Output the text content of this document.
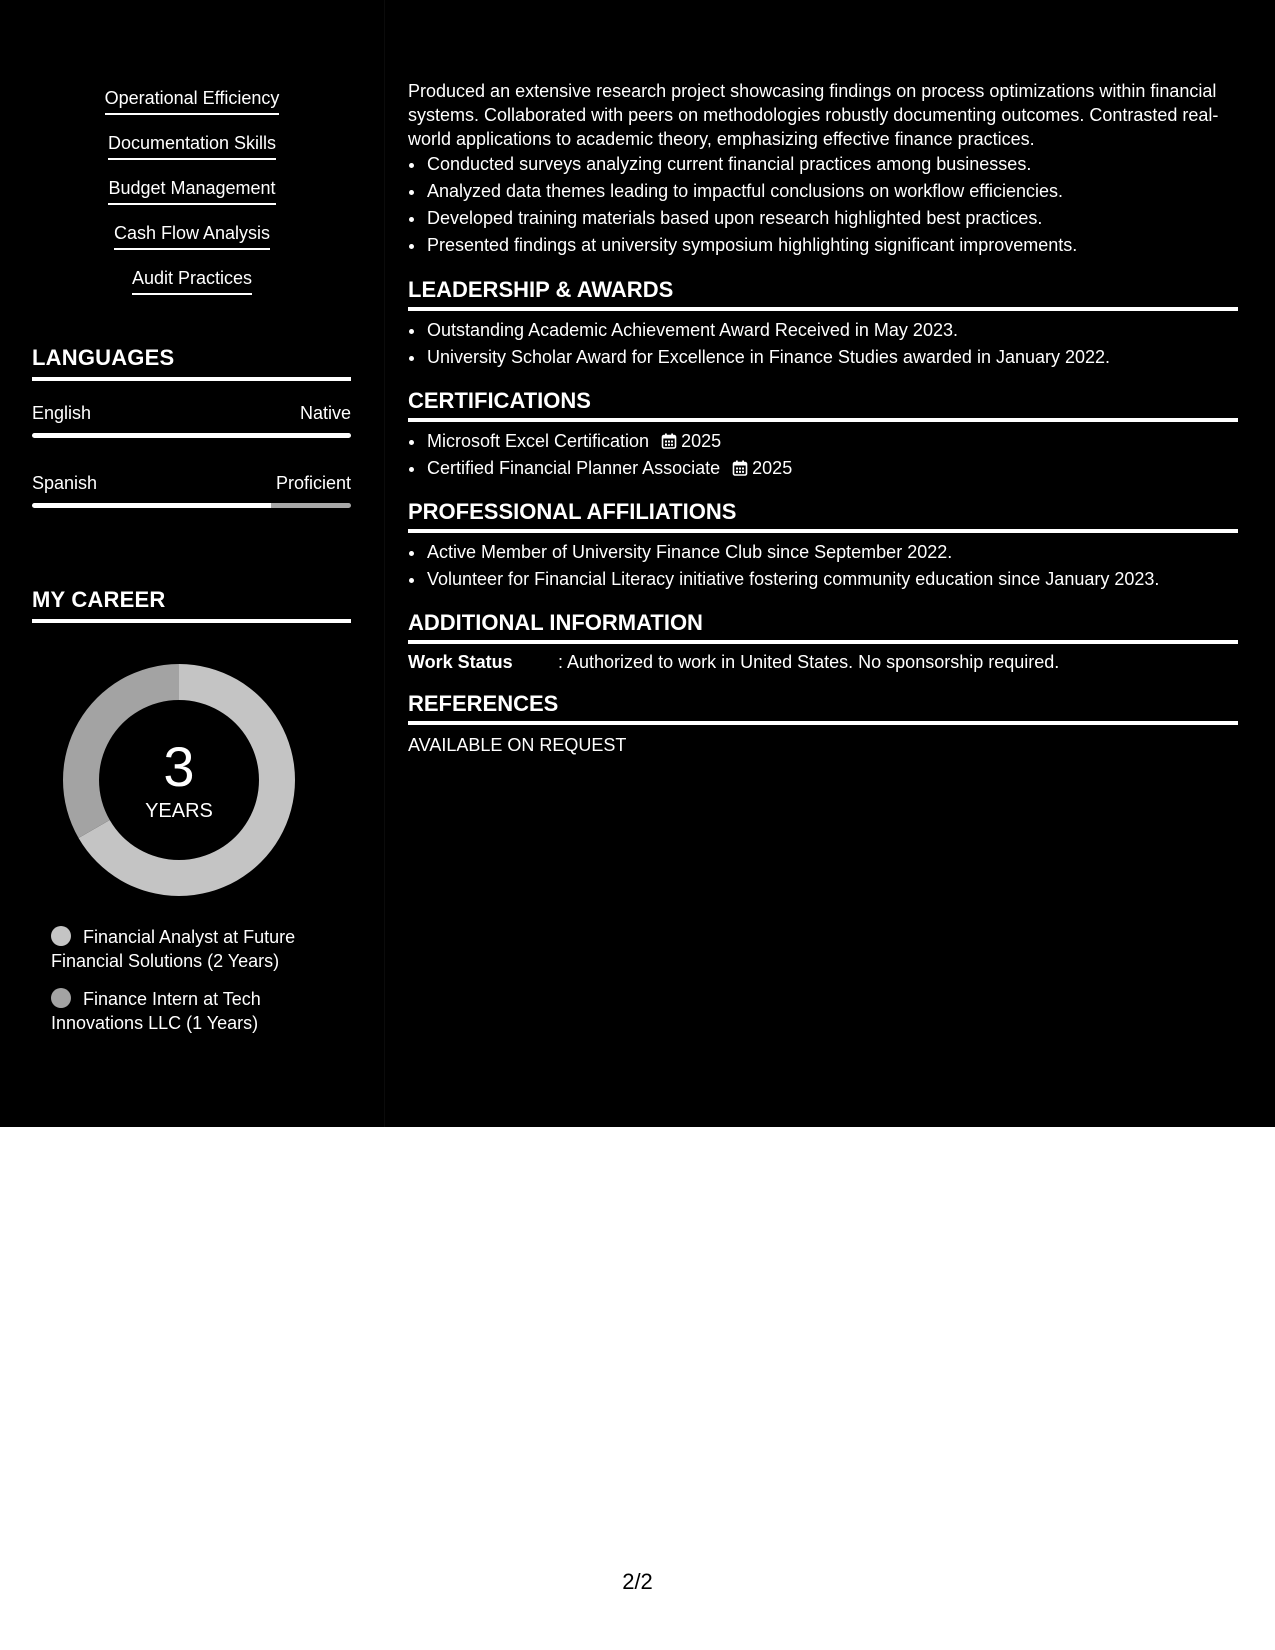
Operational Efficiency
Documentation Skills
Budget Management
Cash Flow Analysis
Audit Practices
LANGUAGES
English	Native
Spanish	Proficient
MY CAREER
3
YEARS
Financial Analyst at Future Financial Solutions (2 Years)
Finance Intern at Tech Innovations LLC (1 Years)
Produced an extensive research project showcasing findings on process optimizations within financial systems. Collaborated with peers on methodologies robustly documenting outcomes. Contrasted real-world applications to academic theory, emphasizing effective finance practices.
• Conducted surveys analyzing current financial practices among businesses.
• Analyzed data themes leading to impactful conclusions on workflow efficiencies.
• Developed training materials based upon research highlighted best practices.
• Presented findings at university symposium highlighting significant improvements.
LEADERSHIP & AWARDS
• Outstanding Academic Achievement Award Received in May 2023.
• University Scholar Award for Excellence in Finance Studies awarded in January 2022.
CERTIFICATIONS
• Microsoft Excel Certification 2025
• Certified Financial Planner Associate 2025
PROFESSIONAL AFFILIATIONS
• Active Member of University Finance Club since September 2022.
• Volunteer for Financial Literacy initiative fostering community education since January 2023.
ADDITIONAL INFORMATION
Work Status	: Authorized to work in United States. No sponsorship required.
REFERENCES
AVAILABLE ON REQUEST
2/2
